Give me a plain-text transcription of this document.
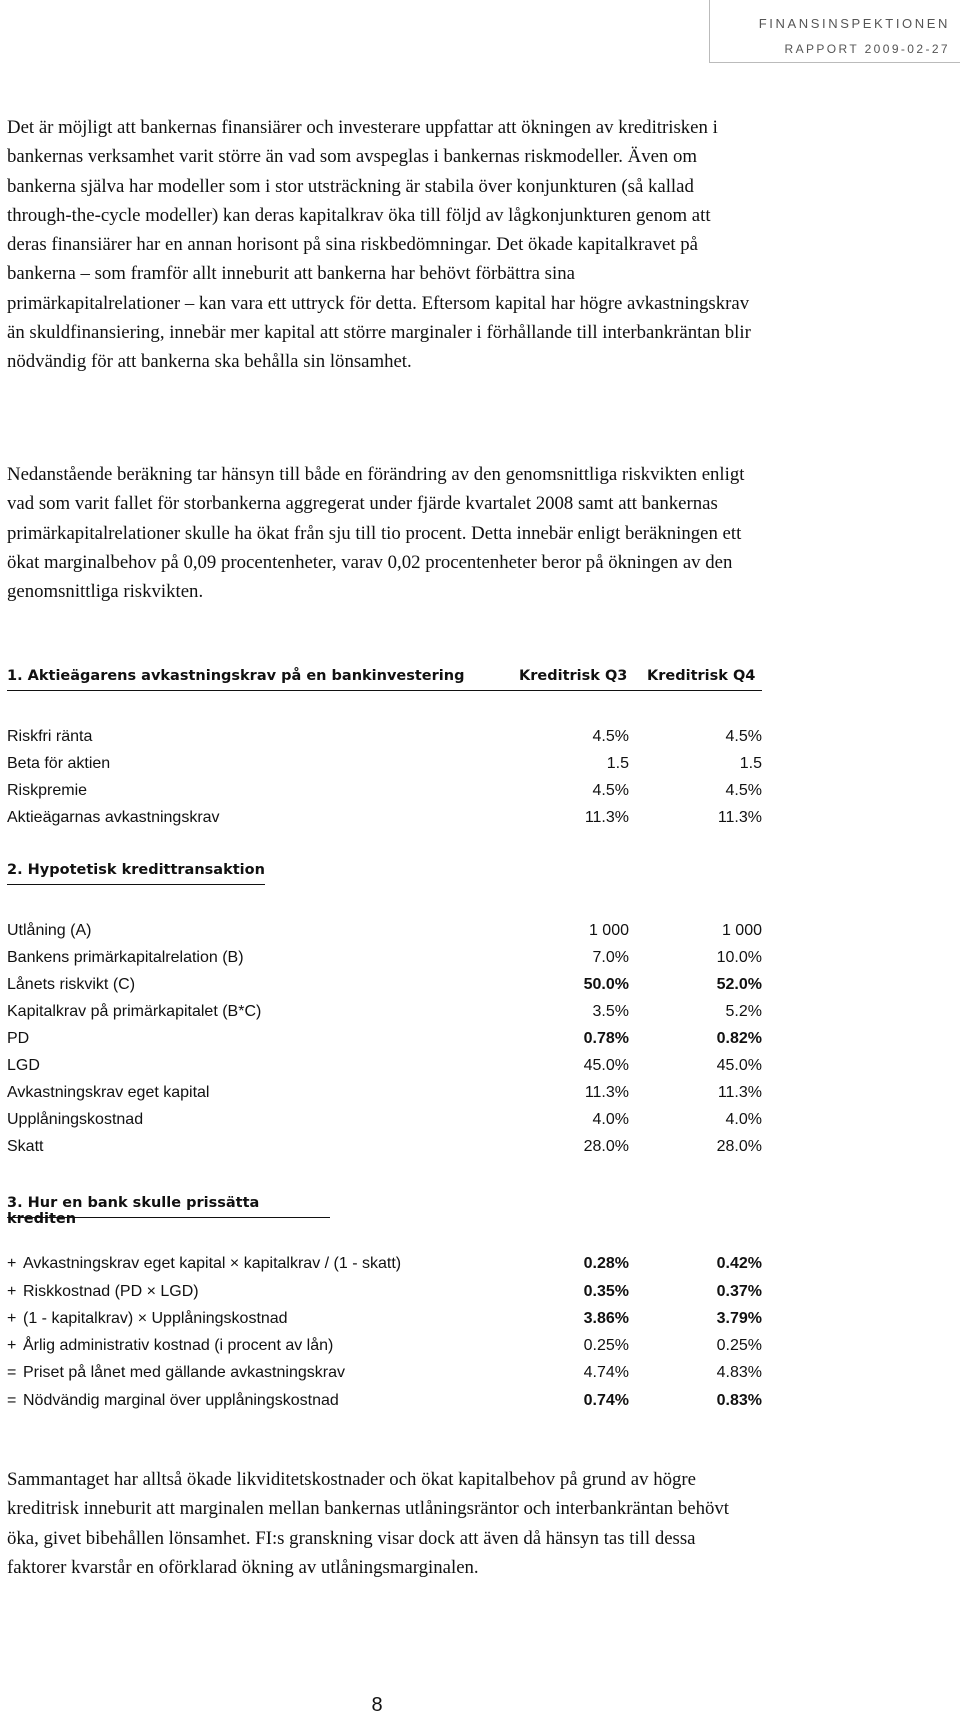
FINANSINSPEKTIONEN
RAPPORT 2009-02-27

Det är möjligt att bankernas finansiärer och investerare uppfattar att ökningen av kreditrisken i bankernas verksamhet varit större än vad som avspeglas i bankernas riskmodeller. Även om bankerna själva har modeller som i stor utsträckning är stabila över konjunkturen (så kallad through-the-cycle modeller) kan deras kapitalkrav öka till följd av lågkonjunkturen genom att deras finansiärer har en annan horisont på sina riskbedömningar. Det ökade kapitalkravet på bankerna – som framför allt inneburit att bankerna har behövt förbättra sina primärkapitalrelationer – kan vara ett uttryck för detta. Eftersom kapital har högre avkastningskrav än skuldfinansiering, innebär mer kapital att större marginaler i förhållande till interbankräntan blir nödvändig för att bankerna ska behålla sin lönsamhet.

Nedanstående beräkning tar hänsyn till både en förändring av den genomsnittliga riskvikten enligt vad som varit fallet för storbankerna aggregerat under fjärde kvartalet 2008 samt att bankernas primärkapitalrelationer skulle ha ökat från sju till tio procent. Detta innebär enligt beräkningen ett ökat marginalbehov på 0,09 procentenheter, varav 0,02 procentenheter beror på ökningen av den genomsnittliga riskvikten.

1. Aktieägarens avkastningskrav på en bankinvestering	Kreditrisk Q3 Kreditrisk Q4
Riskfri ränta	4.5%	4.5%
Beta för aktien	1.5	1.5
Riskpremie	4.5%	4.5%
Aktieägarnas avkastningskrav	11.3%	11.3%
2. Hypotetisk kredittransaktion
Utlåning (A)	1 000	1 000
Bankens primärkapitalrelation (B)	7.0%	10.0%
Lånets riskvikt (C)	50.0%	52.0%
Kapitalkrav på primärkapitalet (B*C)	3.5%	5.2%
PD	0.78%	0.82%
LGD	45.0%	45.0%
Avkastningskrav eget kapital	11.3%	11.3%
Upplåningskostnad	4.0%	4.0%
Skatt	28.0%	28.0%
3. Hur en bank skulle prissätta krediten
+ Avkastningskrav eget kapital × kapitalkrav / (1 - skatt)	0.28%	0.42%
+ Riskkostnad (PD × LGD)	0.35%	0.37%
+ (1 - kapitalkrav) × Upplåningskostnad	3.86%	3.79%
+ Årlig administrativ kostnad (i procent av lån)	0.25%	0.25%
= Priset på lånet med gällande avkastningskrav	4.74%	4.83%
= Nödvändig marginal över upplåningskostnad	0.74%	0.83%

Sammantaget har alltså ökade likviditetskostnader och ökat kapitalbehov på grund av högre kreditrisk inneburit att marginalen mellan bankernas utlåningsräntor och interbankräntan behövt öka, givet bibehållen lönsamhet. FI:s granskning visar dock att även då hänsyn tas till dessa faktorer kvarstår en oförklarad ökning av utlåningsmarginalen.

8
